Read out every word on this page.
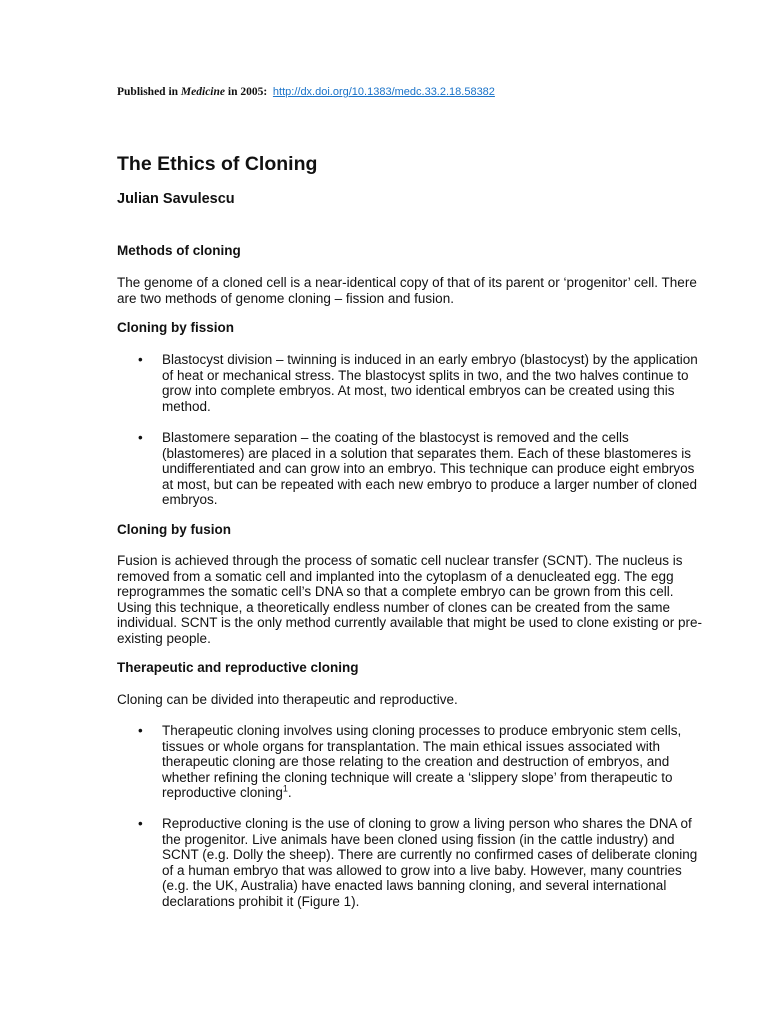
Published in Medicine in 2005: http://dx.doi.org/10.1383/medc.33.2.18.58382
The Ethics of Cloning
Julian Savulescu
Methods of cloning

The genome of a cloned cell is a near-identical copy of that of its parent or ‘progenitor’ cell. There are two methods of genome cloning – fission and fusion.

Cloning by fission
• Blastocyst division – twinning is induced in an early embryo (blastocyst) by the application of heat or mechanical stress. The blastocyst splits in two, and the two halves continue to grow into complete embryos. At most, two identical embryos can be created using this method.

• Blastomere separation – the coating of the blastocyst is removed and the cells (blastomeres) are placed in a solution that separates them. Each of these blastomeres is undifferentiated and can grow into an embryo. This technique can produce eight embryos at most, but can be repeated with each new embryo to produce a larger number of cloned embryos.

Cloning by fusion

Fusion is achieved through the process of somatic cell nuclear transfer (SCNT). The nucleus is removed from a somatic cell and implanted into the cytoplasm of a denucleated egg. The egg reprogrammes the somatic cell’s DNA so that a complete embryo can be grown from this cell. Using this technique, a theoretically endless number of clones can be created from the same individual. SCNT is the only method currently available that might be used to clone existing or pre-existing people.

Therapeutic and reproductive cloning

Cloning can be divided into therapeutic and reproductive.

• Therapeutic cloning involves using cloning processes to produce embryonic stem cells, tissues or whole organs for transplantation. The main ethical issues associated with therapeutic cloning are those relating to the creation and destruction of embryos, and whether refining the cloning technique will create a ‘slippery slope’ from therapeutic to reproductive cloning$^1$.

• Reproductive cloning is the use of cloning to grow a living person who shares the DNA of the progenitor. Live animals have been cloned using fission (in the cattle industry) and SCNT (e.g. Dolly the sheep). There are currently no confirmed cases of deliberate cloning of a human embryo that was allowed to grow into a live baby. However, many countries (e.g. the UK, Australia) have enacted laws banning cloning, and several international declarations prohibit it (Figure 1).
